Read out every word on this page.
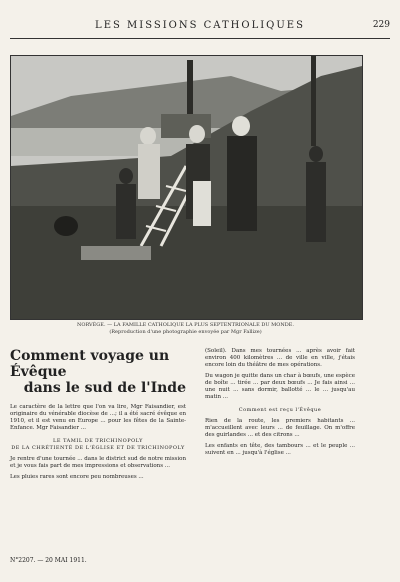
LES MISSIONS CATHOLIQUES	229
NORVÈGE. — LA FAMILLE CATHOLIQUE LA PLUS SEPTENTRIONALE DU MONDE.
(Reproduction d'une photographie envoyée par Mgr Fallize)
Comment voyage un Évêque
dans le sud de l'Inde

Le caractère de la lettre que l'on va lire, Mgr Faisandier, est originaire du vénérable diocèse de ...; il a été sacré évêque en 1910, et il est venu en Europe ... pour les fêtes de la Sainte-Enfance. Mgr Faisandier ...

LE TAMIL DE TRICHINOPOLY
DE LA CHRÉTIENTÉ DE L'ÉGLISE ET DE TRICHINOPOLY

Je rentre d'une tournée ... dans le district sud de notre mission et je vous fais part de mes impressions et observations ...

Les pluies rares sont encore peu nombreuses ...

(Soleil). Dans mes tournées ... après avoir fait environ 400 kilomètres ... de ville en ville, j'étais encore loin du théâtre de mes opérations.

Du wagon je quitte dans un char à bœufs, une espèce de boîte ... tirée ... par deux bœufs ... Je fais ainsi ... une nuit ... sans dormir, ballotté ... le ... jusqu'au matin ...

Comment est reçu l'Évêque

Rien de la route, les premiers habitants ... m'accueillent avec leurs ... de feuillage. On m'offre des guirlandes ... et des citrons ...

Les enfants en tête, des tambours ... et le peuple ... suivent en ... jusqu'à l'église ...

N°2207. — 20 MAI 1911.
